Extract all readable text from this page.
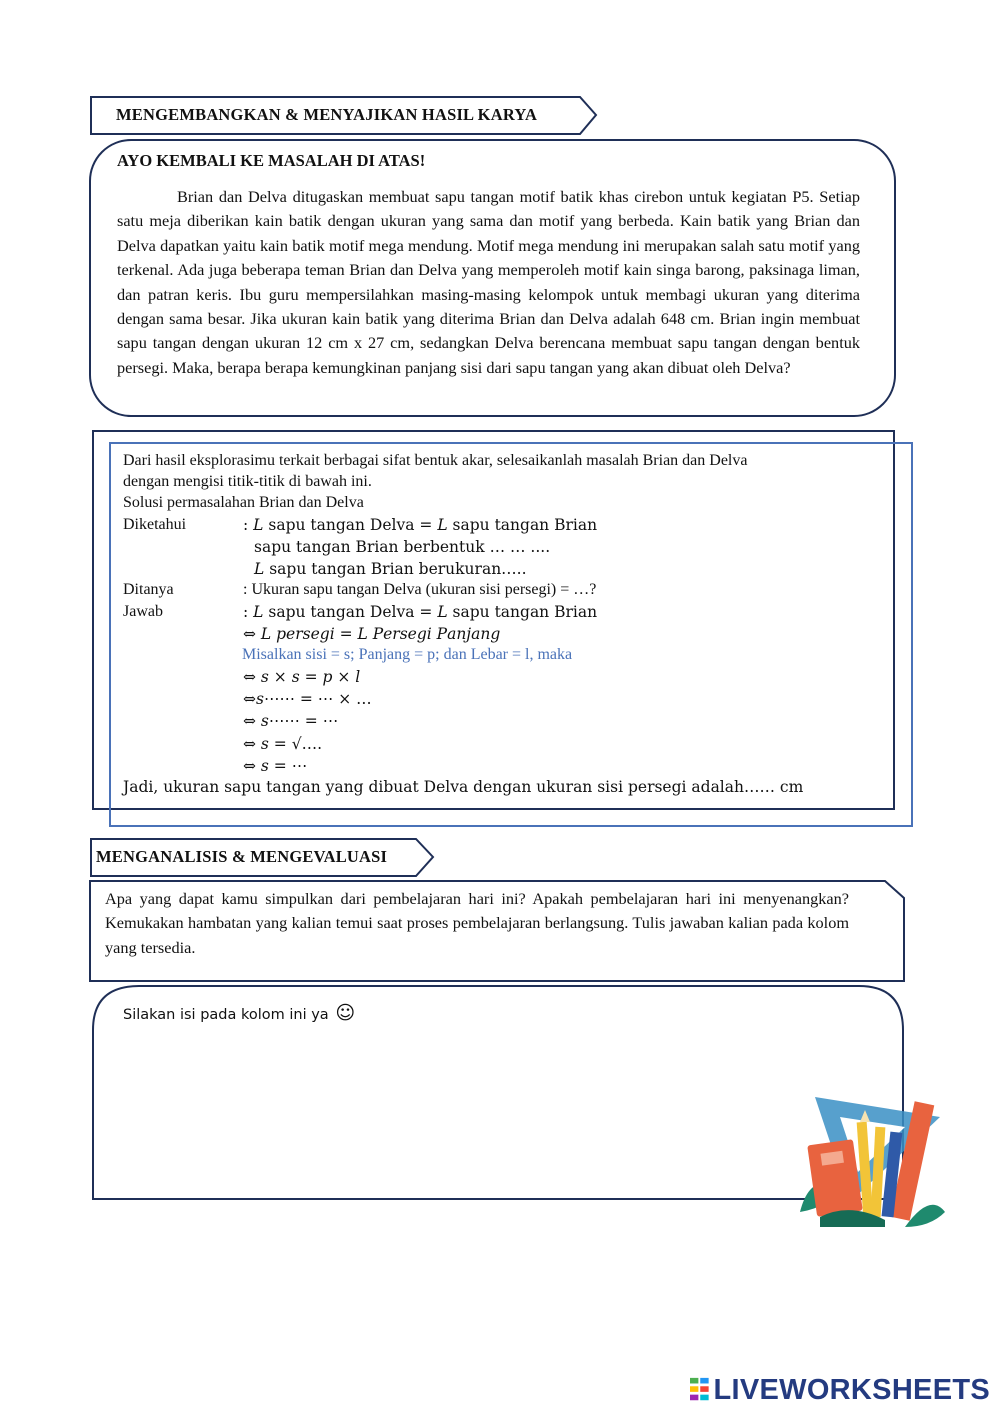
MENGEMBANGKAN & MENYAJIKAN HASIL KARYA
AYO KEMBALI KE MASALAH DI ATAS!
Brian dan Delva ditugaskan membuat sapu tangan motif batik khas cirebon untuk kegiatan P5. Setiap satu meja diberikan kain batik dengan ukuran yang sama dan motif yang berbeda. Kain batik yang Brian dan Delva dapatkan yaitu kain batik motif mega mendung. Motif mega mendung ini merupakan salah satu motif yang terkenal. Ada juga beberapa teman Brian dan Delva yang memperoleh motif kain singa barong, paksinaga liman, dan patran keris. Ibu guru mempersilahkan masing-masing kelompok untuk membagi ukuran yang diterima dengan sama besar. Jika ukuran kain batik yang diterima Brian dan Delva adalah 648 cm. Brian ingin membuat sapu tangan dengan ukuran 12 cm x 27 cm, sedangkan Delva berencana membuat sapu tangan dengan bentuk persegi. Maka, berapa berapa kemungkinan panjang sisi dari sapu tangan yang akan dibuat oleh Delva?
Dari hasil eksplorasimu terkait berbagai sifat bentuk akar, selesaikanlah masalah Brian dan Delva
dengan mengisi titik-titik di bawah ini.
Solusi permasalahan Brian dan Delva
Diketahui	: 𝐿 sapu tangan Delva = 𝐿 sapu tangan Brian
sapu tangan Brian berbentuk … … ....
𝐿 sapu tangan Brian berukuran…..
Ditanya	: Ukuran sapu tangan Delva (ukuran sisi persegi) = …?
Jawab	: 𝐿 sapu tangan Delva = 𝐿 sapu tangan Brian
⇔ 𝐿 𝑝𝑒𝑟𝑠𝑒𝑔𝑖 = 𝐿 𝑃𝑒𝑟𝑠𝑒𝑔𝑖 𝑃𝑎𝑛𝑗𝑎𝑛𝑔
Misalkan sisi = s; Panjang = p; dan Lebar = l, maka
⇔ 𝑠 × 𝑠 = 𝑝 × 𝑙
⇔𝑠⋯⋯ = ⋯ × …
⇔ 𝑠⋯⋯ = ⋯
⇔ 𝑠 = √….
⇔ 𝑠 = ⋯
Jadi, ukuran sapu tangan yang dibuat Delva dengan ukuran sisi persegi adalah…… cm
MENGANALISIS & MENGEVALUASI
Apa yang dapat kamu simpulkan dari pembelajaran hari ini? Apakah pembelajaran hari ini menyenangkan? Kemukakan hambatan yang kalian temui saat proses pembelajaran berlangsung. Tulis jawaban kalian pada kolom yang tersedia.
Silakan isi pada kolom ini ya ☺
LIVEWORKSHEETS
